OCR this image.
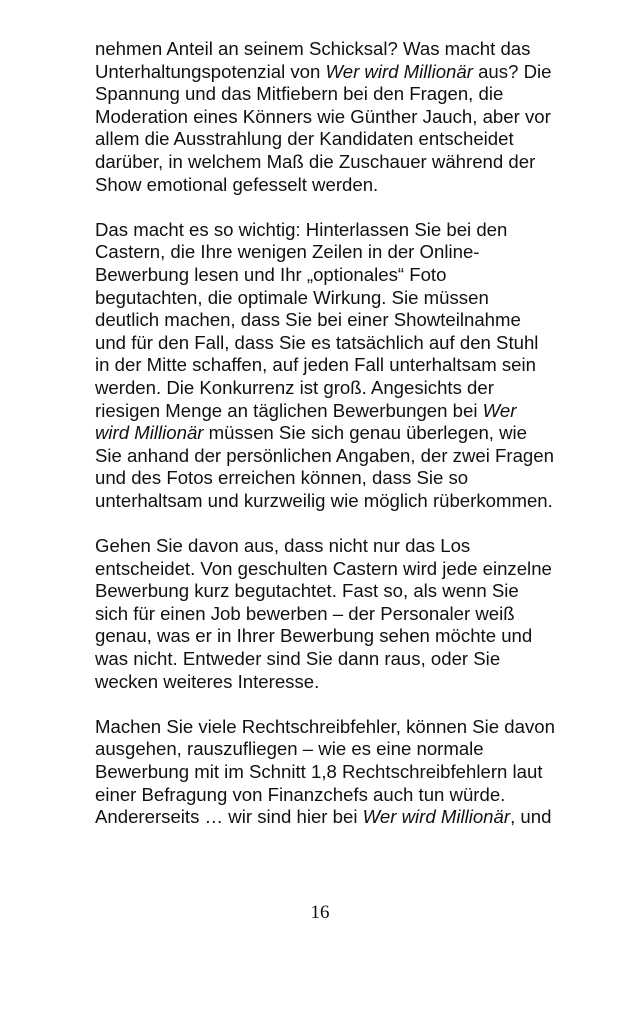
nehmen Anteil an seinem Schicksal? Was macht das
Unterhaltungspotenzial von Wer wird Millionär aus? Die
Spannung und das Mitfiebern bei den Fragen, die
Moderation eines Könners wie Günther Jauch, aber vor
allem die Ausstrahlung der Kandidaten entscheidet
darüber, in welchem Maß die Zuschauer während der
Show emotional gefesselt werden.

Das macht es so wichtig: Hinterlassen Sie bei den
Castern, die Ihre wenigen Zeilen in der Online-
Bewerbung lesen und Ihr „optionales“ Foto
begutachten, die optimale Wirkung. Sie müssen
deutlich machen, dass Sie bei einer Showteilnahme
und für den Fall, dass Sie es tatsächlich auf den Stuhl
in der Mitte schaffen, auf jeden Fall unterhaltsam sein
werden. Die Konkurrenz ist groß. Angesichts der
riesigen Menge an täglichen Bewerbungen bei Wer
wird Millionär müssen Sie sich genau überlegen, wie
Sie anhand der persönlichen Angaben, der zwei Fragen
und des Fotos erreichen können, dass Sie so
unterhaltsam und kurzweilig wie möglich rüberkommen.

Gehen Sie davon aus, dass nicht nur das Los
entscheidet. Von geschulten Castern wird jede einzelne
Bewerbung kurz begutachtet. Fast so, als wenn Sie
sich für einen Job bewerben – der Personaler weiß
genau, was er in Ihrer Bewerbung sehen möchte und
was nicht. Entweder sind Sie dann raus, oder Sie
wecken weiteres Interesse.

Machen Sie viele Rechtschreibfehler, können Sie davon
ausgehen, rauszufliegen – wie es eine normale
Bewerbung mit im Schnitt 1,8 Rechtschreibfehlern laut
einer Befragung von Finanzchefs auch tun würde.
Andererseits … wir sind hier bei Wer wird Millionär, und

16
